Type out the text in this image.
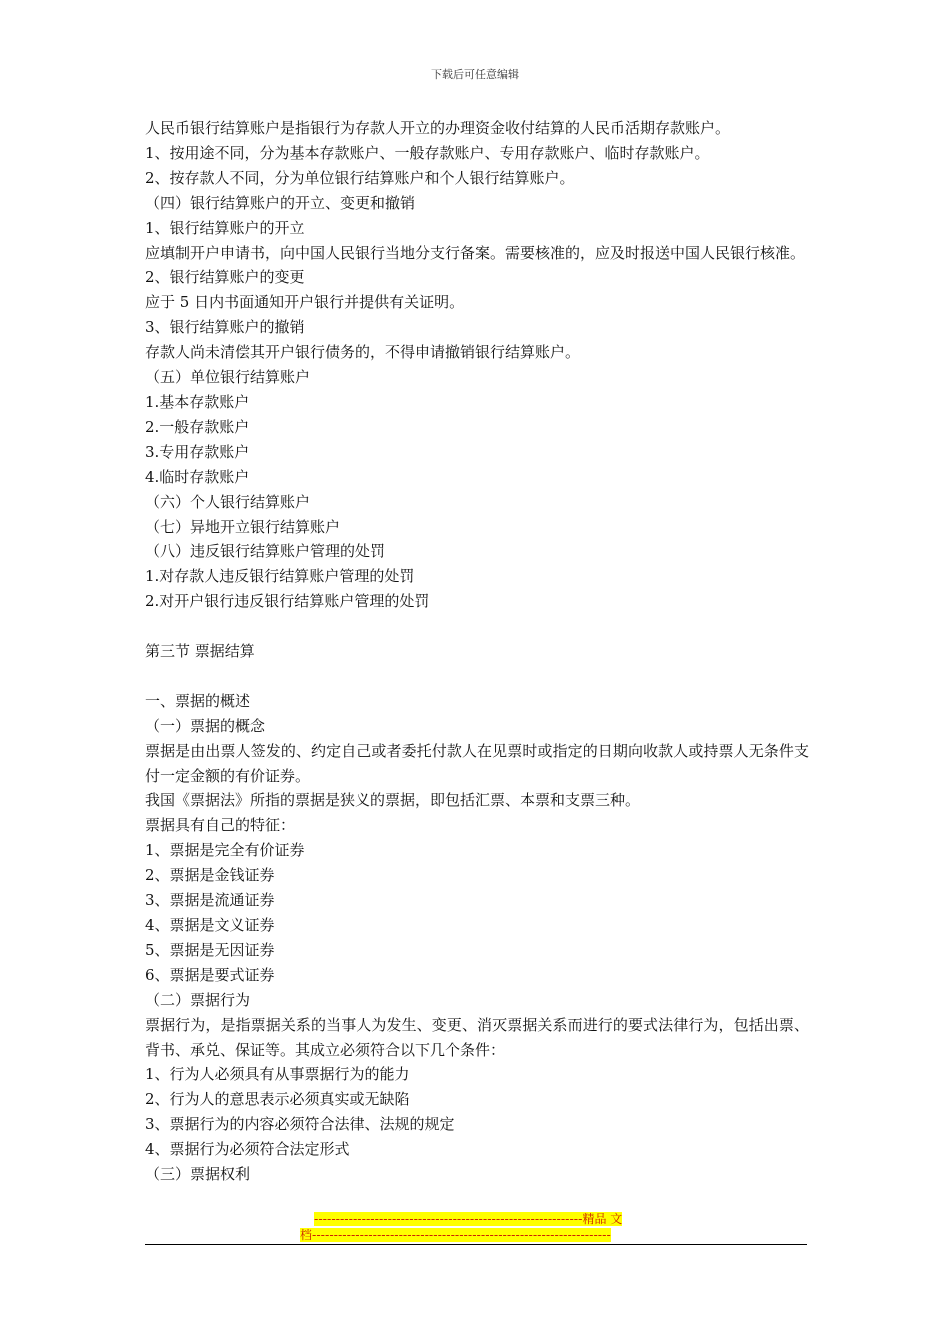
下载后可任意编辑
人民币银行结算账户是指银行为存款人开立的办理资金收付结算的人民币活期存款账户。
1、按用途不同，分为基本存款账户、一般存款账户、专用存款账户、临时存款账户。
2、按存款人不同，分为单位银行结算账户和个人银行结算账户。
（四）银行结算账户的开立、变更和撤销
1、银行结算账户的开立
应填制开户申请书，向中国人民银行当地分支行备案。需要核准的，应及时报送中国人民银行核准。
2、银行结算账户的变更
应于 5 日内书面通知开户银行并提供有关证明。
3、银行结算账户的撤销
存款人尚未清偿其开户银行债务的，不得申请撤销银行结算账户。
（五）单位银行结算账户
1.基本存款账户
2.一般存款账户
3.专用存款账户
4.临时存款账户
（六）个人银行结算账户
（七）异地开立银行结算账户
（八）违反银行结算账户管理的处罚
1.对存款人违反银行结算账户管理的处罚
2.对开户银行违反银行结算账户管理的处罚
第三节 票据结算
一、票据的概述
（一）票据的概念
票据是由出票人签发的、约定自己或者委托付款人在见票时或指定的日期向收款人或持票人无条件支付一定金额的有价证券。
我国《票据法》所指的票据是狭义的票据，即包括汇票、本票和支票三种。
票据具有自己的特征：
1、票据是完全有价证券
2、票据是金钱证券
3、票据是流通证券
4、票据是文义证券
5、票据是无因证券
6、票据是要式证券
（二）票据行为
票据行为，是指票据关系的当事人为发生、变更、消灭票据关系而进行的要式法律行为，包括出票、背书、承兑、保证等。其成立必须符合以下几个条件：
1、行为人必须具有从事票据行为的能力
2、行为人的意思表示必须真实或无缺陷
3、票据行为的内容必须符合法律、法规的规定
4、票据行为必须符合法定形式
（三）票据权利
--------------------------------------------------------------精品 文
档---------------------------------------------------------------------
